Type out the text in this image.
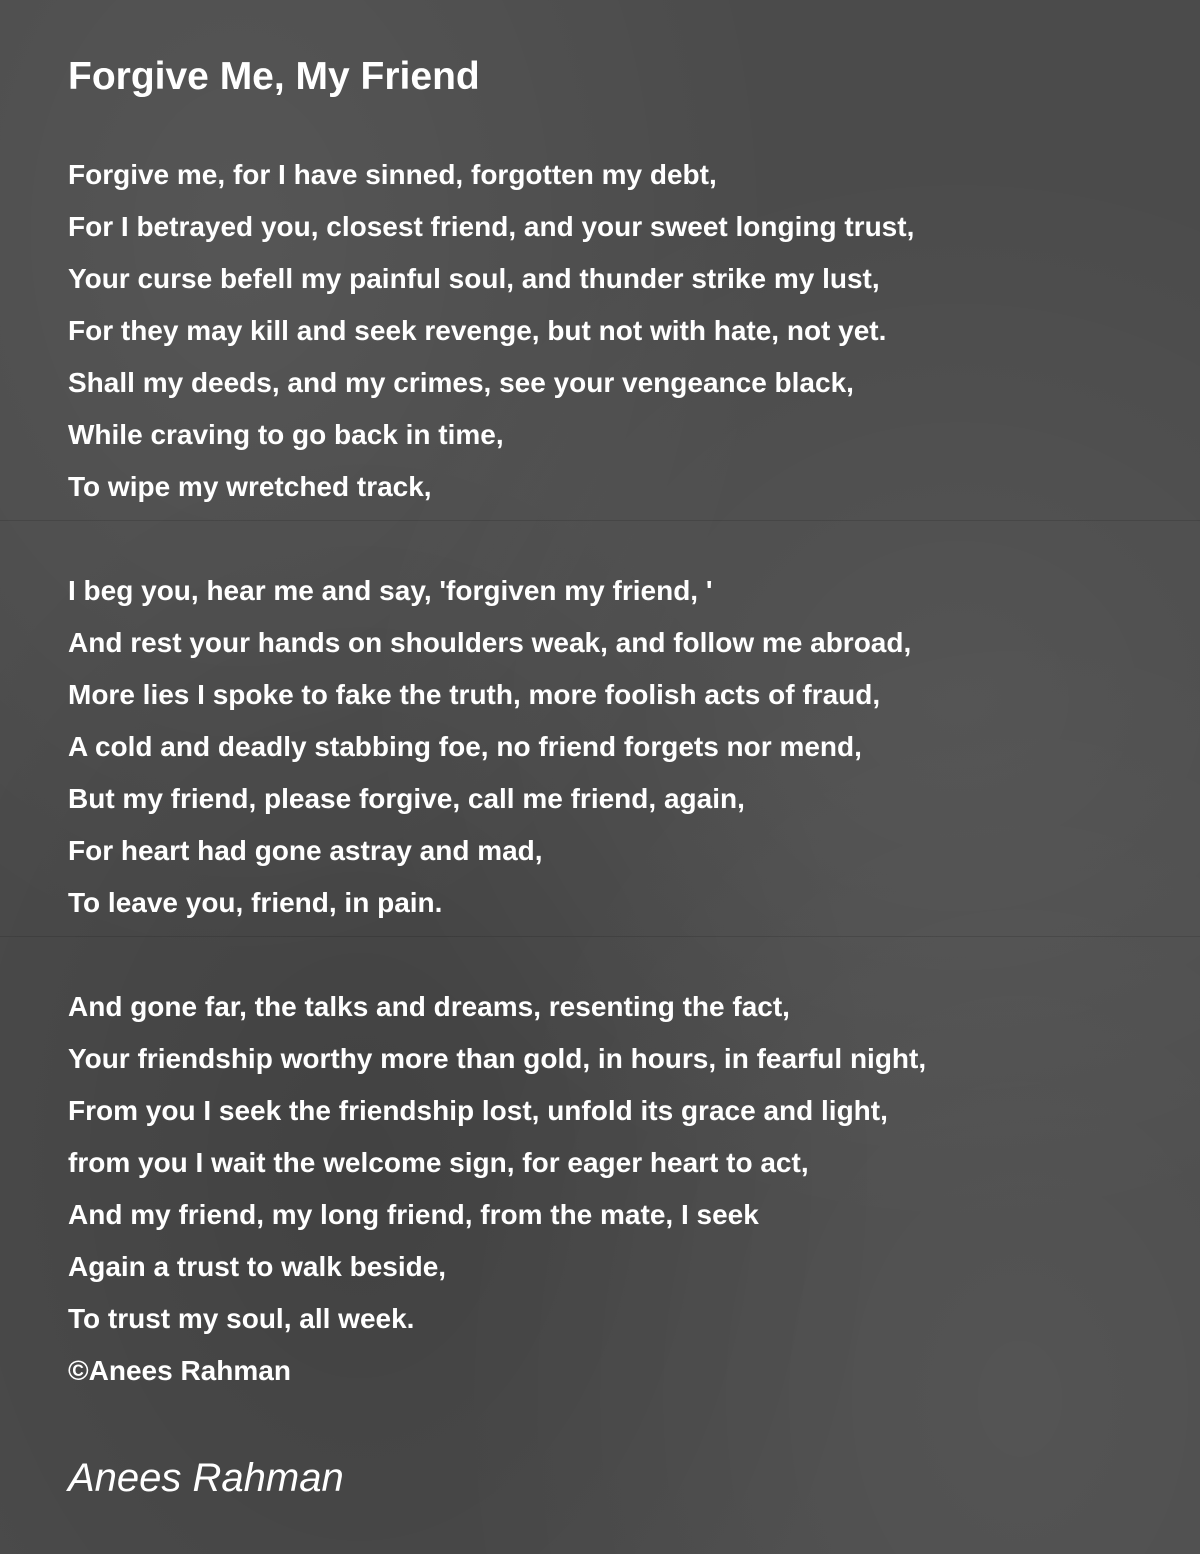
Forgive Me, My Friend
Forgive me, for I have sinned, forgotten my debt,
For I betrayed you, closest friend, and your sweet longing trust,
Your curse befell my painful soul, and thunder strike my lust,
For they may kill and seek revenge, but not with hate, not yet.
Shall my deeds, and my crimes, see your vengeance black,
While craving to go back in time,
To wipe my wretched track,
I beg you, hear me and say, 'forgiven my friend, '
And rest your hands on shoulders weak, and follow me abroad,
More lies I spoke to fake the truth, more foolish acts of fraud,
A cold and deadly stabbing foe, no friend forgets nor mend,
But my friend, please forgive, call me friend, again,
For heart had gone astray and mad,
To leave you, friend, in pain.
And gone far, the talks and dreams, resenting the fact,
Your friendship worthy more than gold, in hours, in fearful night,
From you I seek the friendship lost, unfold its grace and light,
from you I wait the welcome sign, for eager heart to act,
And my friend, my long friend, from the mate, I seek
Again a trust to walk beside,
To trust my soul, all week.
©Anees Rahman
Anees Rahman
